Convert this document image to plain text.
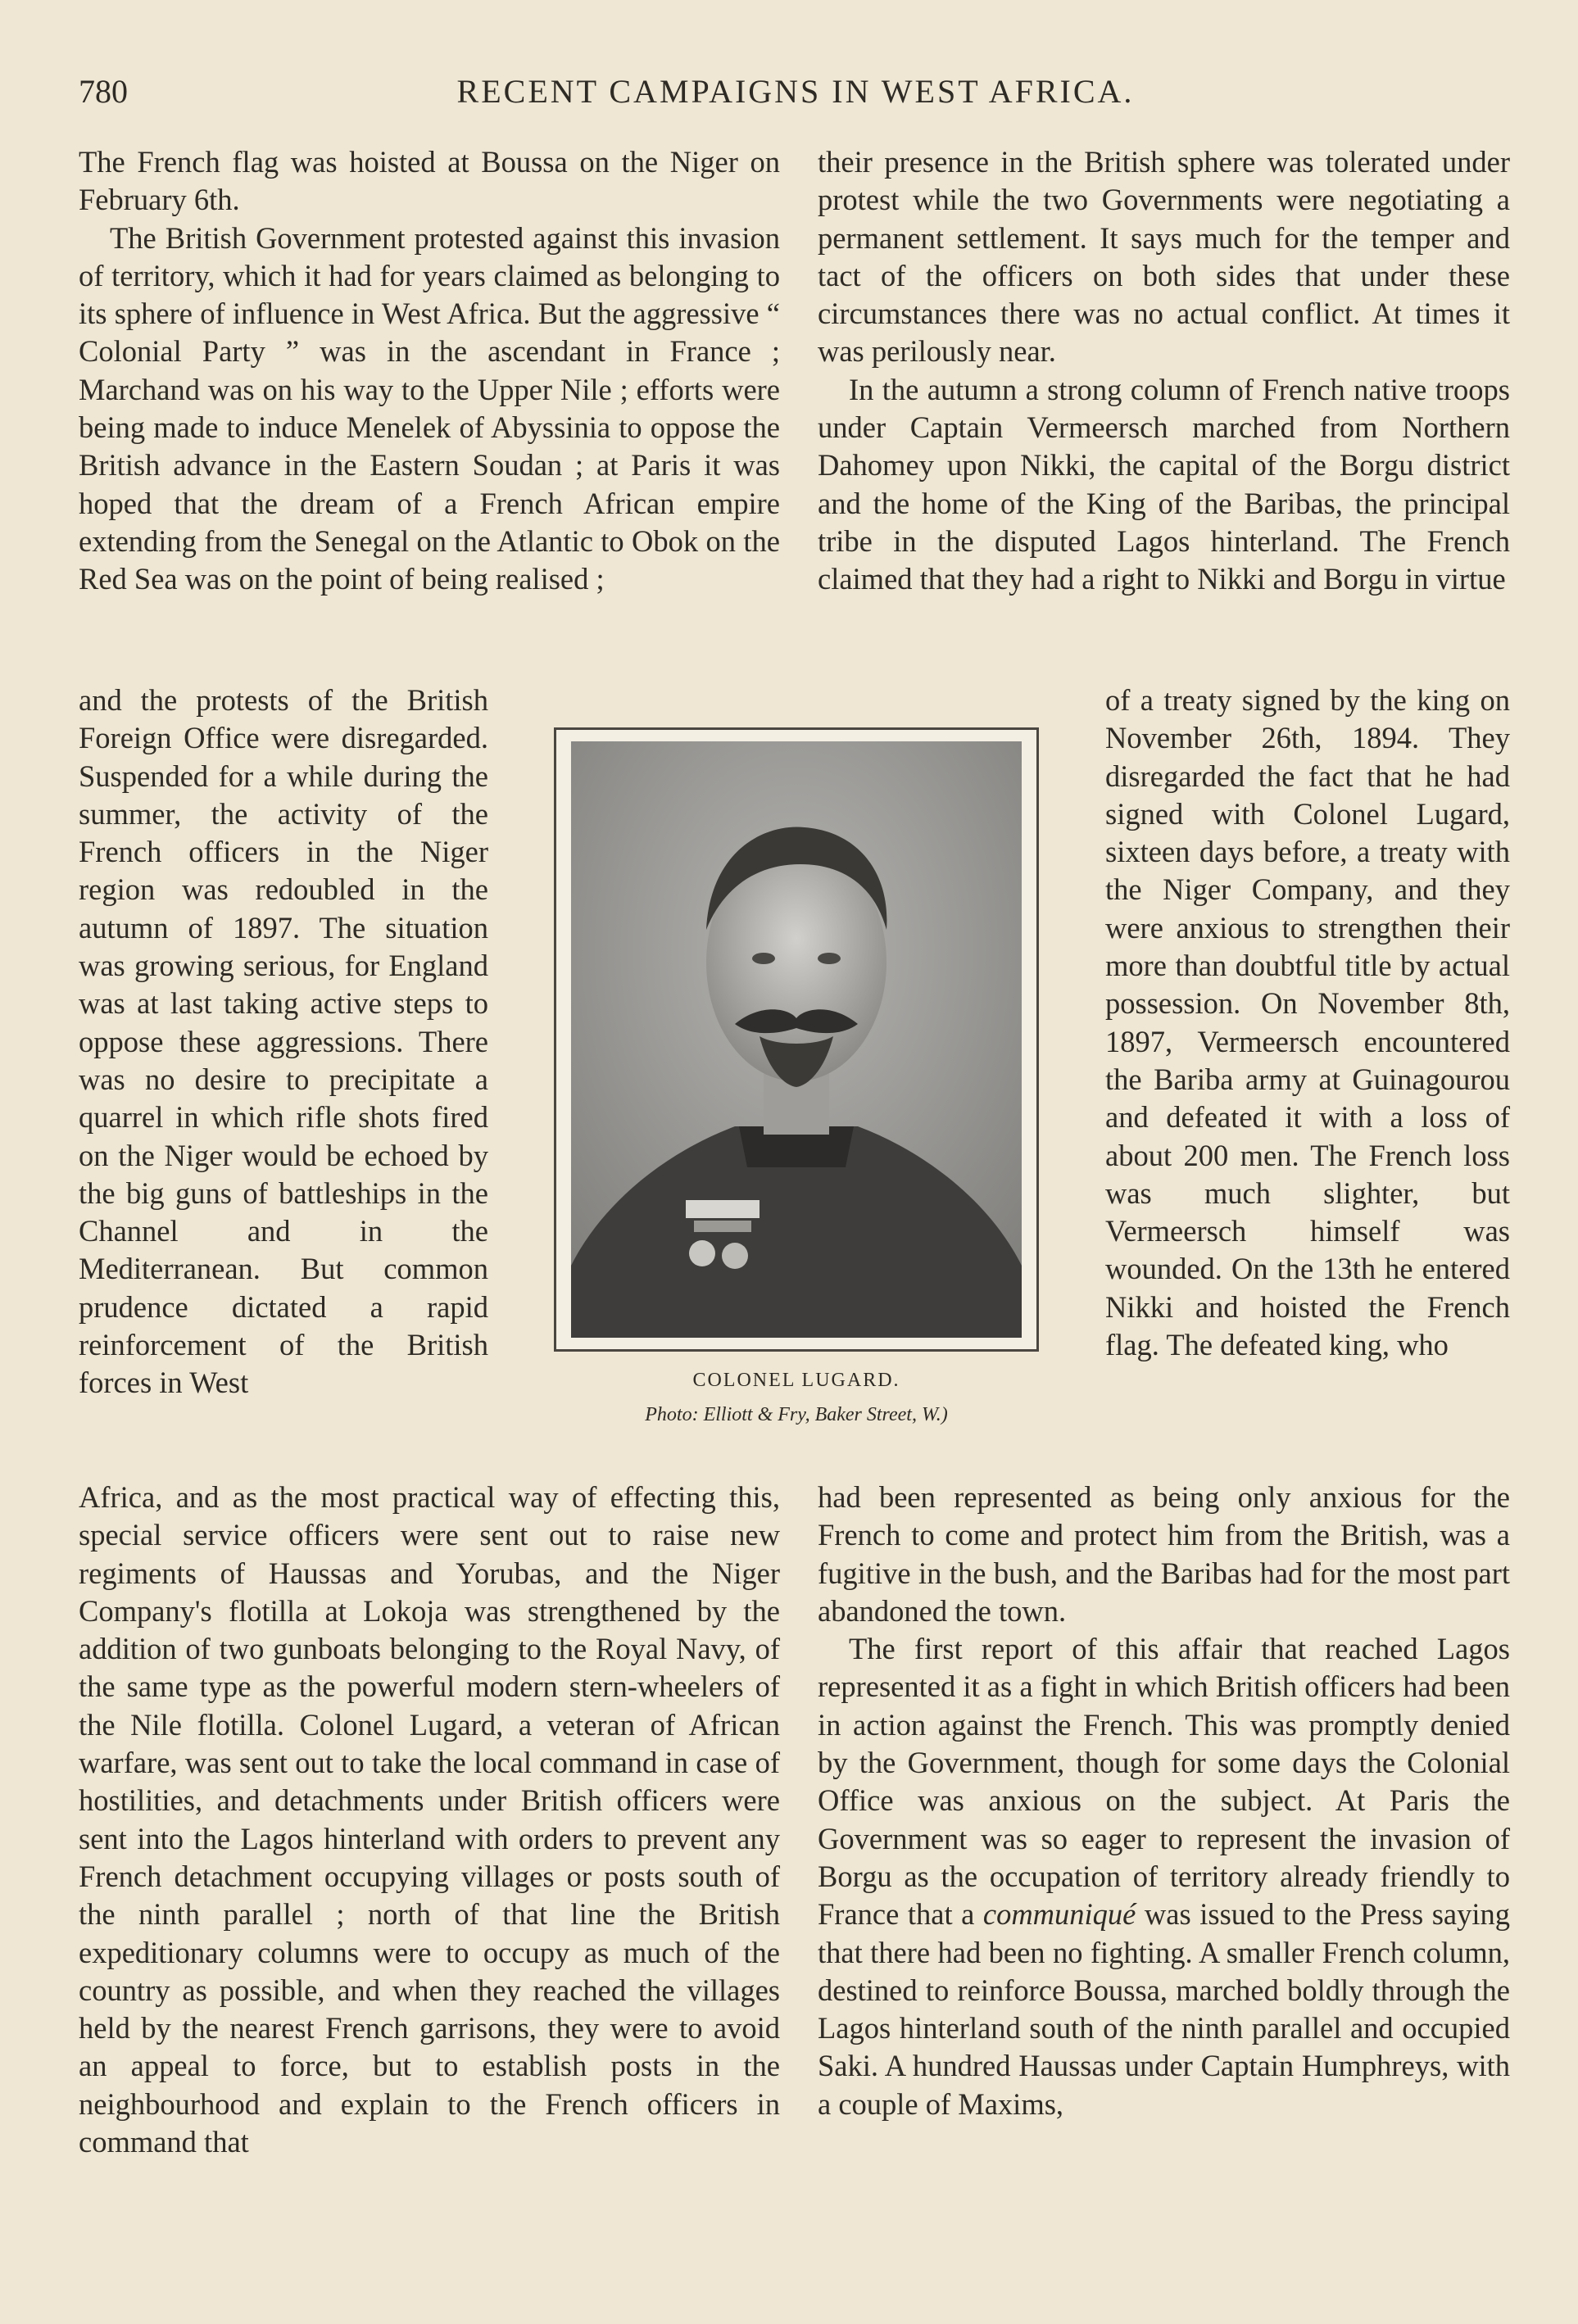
780	RECENT CAMPAIGNS IN WEST AFRICA.

The French flag was hoisted at Boussa on the Niger on February 6th.

The British Government protested against this invasion of territory, which it had for years claimed as belonging to its sphere of influence in West Africa. But the aggressive “ Colonial Party ” was in the ascendant in France ; Marchand was on his way to the Upper Nile ; efforts were being made to induce Menelek of Abyssinia to oppose the British advance in the Eastern Soudan ; at Paris it was hoped that the dream of a French African empire extending from the Senegal on the Atlantic to Obok on the Red Sea was on the point of being realised ;

and the protests of the British Foreign Office were disregarded. Suspended for a while during the summer, the activity of the French officers in the Niger region was redoubled in the autumn of 1897. The situation was growing serious, for England was at last taking active steps to oppose these aggressions. There was no desire to precipitate a quarrel in which rifle shots fired on the Niger would be echoed by the big guns of battleships in the Channel and in the Mediterranean. But common prudence dictated a rapid reinforcement of the British forces in West	COLONEL LUGARD.
Photo: Elliott & Fry, Baker Street, W.)

Africa, and as the most practical way of effecting this, special service officers were sent out to raise new regiments of Haussas and Yorubas, and the Niger Company's flotilla at Lokoja was strengthened by the addition of two gunboats belonging to the Royal Navy, of the same type as the powerful modern stern-wheelers of the Nile flotilla. Colonel Lugard, a veteran of African warfare, was sent out to take the local command in case of hostilities, and detachments under British officers were sent into the Lagos hinterland with orders to prevent any French detachment occupying villages or posts south of the ninth parallel ; north of that line the British expeditionary columns were to occupy as much of the country as possible, and when they reached the villages held by the nearest French garrisons, they were to avoid an appeal to force, but to establish posts in the neighbourhood and explain to the French officers in command that

their presence in the British sphere was tolerated under protest while the two Governments were negotiating a permanent settlement. It says much for the temper and tact of the officers on both sides that under these circumstances there was no actual conflict. At times it was perilously near.

In the autumn a strong column of French native troops under Captain Vermeersch marched from Northern Dahomey upon Nikki, the capital of the Borgu district and the home of the King of the Baribas, the principal tribe in the disputed Lagos hinterland. The French claimed that they had a right to Nikki and Borgu in virtue

of a treaty signed by the king on November 26th, 1894. They disregarded the fact that he had signed with Colonel Lugard, sixteen days before, a treaty with the Niger Company, and they were anxious to strengthen their more than doubtful title by actual possession. On November 8th, 1897, Vermeersch encountered the Bariba army at Guinagourou and defeated it with a loss of about 200 men. The French loss was much slighter, but Vermeersch himself was wounded. On the 13th he entered Nikki and hoisted the French flag. The defeated king, who

had been represented as being only anxious for the French to come and protect him from the British, was a fugitive in the bush, and the Baribas had for the most part abandoned the town.

The first report of this affair that reached Lagos represented it as a fight in which British officers had been in action against the French. This was promptly denied by the Government, though for some days the Colonial Office was anxious on the subject. At Paris the Government was so eager to represent the invasion of Borgu as the occupation of territory already friendly to France that a communiqué was issued to the Press saying that there had been no fighting. A smaller French column, destined to reinforce Boussa, marched boldly through the Lagos hinterland south of the ninth parallel and occupied Saki. A hundred Haussas under Captain Humphreys, with a couple of Maxims,
